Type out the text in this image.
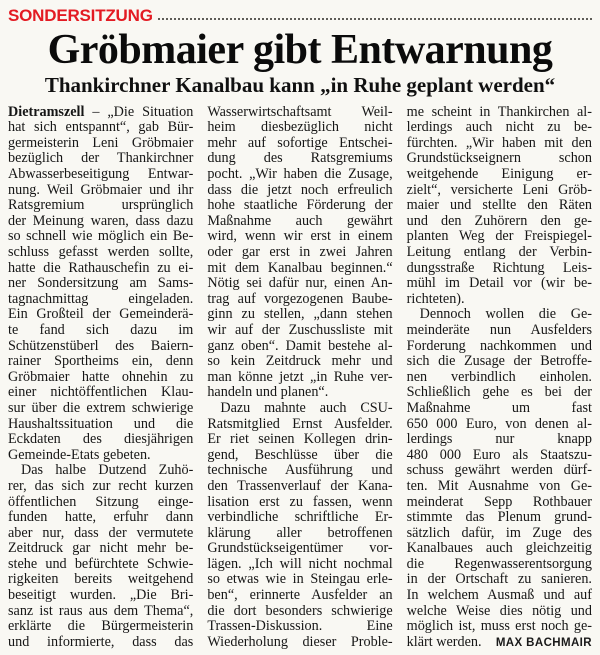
SONDERSITZUNG
Gröbmaier gibt Entwarnung
Thankirchner Kanalbau kann „in Ruhe geplant werden“
Dietramszell – „Die Situation
hat sich entspannt“, gab Bür-
germeisterin Leni Gröbmaier
bezüglich der Thankirchner
Abwasserbeseitigung Entwar-
nung. Weil Gröbmaier und ihr
Ratsgremium ursprünglich
der Meinung waren, dass dazu
so schnell wie möglich ein Be-
schluss gefasst werden sollte,
hatte die Rathauschefin zu ei-
ner Sondersitzung am Sams-
tagnachmittag eingeladen.
Ein Großteil der Gemeinderä-
te fand sich dazu im
Schützenstüberl des Baiern-
rainer Sportheims ein, denn
Gröbmaier hatte ohnehin zu
einer nichtöffentlichen Klau-
sur über die extrem schwierige
Haushaltssituation und die
Eckdaten des diesjährigen
Gemeinde-Etats gebeten.
Das halbe Dutzend Zuhö-
rer, das sich zur recht kurzen
öffentlichen Sitzung einge-
funden hatte, erfuhr dann
aber nur, dass der vermutete
Zeitdruck gar nicht mehr be-
stehe und befürchtete Schwie-
rigkeiten bereits weitgehend
beseitigt wurden. „Die Bri-
sanz ist raus aus dem Thema“,
erklärte die Bürgermeisterin
und informierte, dass das
Wasserwirtschaftsamt Weil-
heim diesbezüglich nicht
mehr auf sofortige Entschei-
dung des Ratsgremiums
pocht. „Wir haben die Zusage,
dass die jetzt noch erfreulich
hohe staatliche Förderung der
Maßnahme auch gewährt
wird, wenn wir erst in einem
oder gar erst in zwei Jahren
mit dem Kanalbau beginnen.“
Nötig sei dafür nur, einen An-
trag auf vorgezogenen Baube-
ginn zu stellen, „dann stehen
wir auf der Zuschussliste mit
ganz oben“. Damit bestehe al-
so kein Zeitdruck mehr und
man könne jetzt „in Ruhe ver-
handeln und planen“.
Dazu mahnte auch CSU-
Ratsmitglied Ernst Ausfelder.
Er riet seinen Kollegen drin-
gend, Beschlüsse über die
technische Ausführung und
den Trassenverlauf der Kana-
lisation erst zu fassen, wenn
verbindliche schriftliche Er-
klärung aller betroffenen
Grundstückseigentümer vor-
lägen. „Ich will nicht nochmal
so etwas wie in Steingau erle-
ben“, erinnerte Ausfelder an
die dort besonders schwierige
Trassen-Diskussion. Eine
Wiederholung dieser Proble-
me scheint in Thankirchen al-
lerdings auch nicht zu be-
fürchten. „Wir haben mit den
Grundstückseignern schon
weitgehende Einigung er-
zielt“, versicherte Leni Gröb-
maier und stellte den Räten
und den Zuhörern den ge-
planten Weg der Freispiegel-
Leitung entlang der Verbin-
dungsstraße Richtung Leis-
mühl im Detail vor (wir be-
richteten).
Dennoch wollen die Ge-
meinderäte nun Ausfelders
Forderung nachkommen und
sich die Zusage der Betroffe-
nen verbindlich einholen.
Schließlich gehe es bei der
Maßnahme um fast
650 000 Euro, von denen al-
lerdings nur knapp
480 000 Euro als Staatszu-
schuss gewährt werden dürf-
ten. Mit Ausnahme von Ge-
meinderat Sepp Rothbauer
stimmte das Plenum grund-
sätzlich dafür, im Zuge des
Kanalbaues auch gleichzeitig
die Regenwasserentsorgung
in der Ortschaft zu sanieren.
In welchem Ausmaß und auf
welche Weise dies nötig und
möglich ist, muss erst noch ge-
klärt werden. MAX BACHMAIR
